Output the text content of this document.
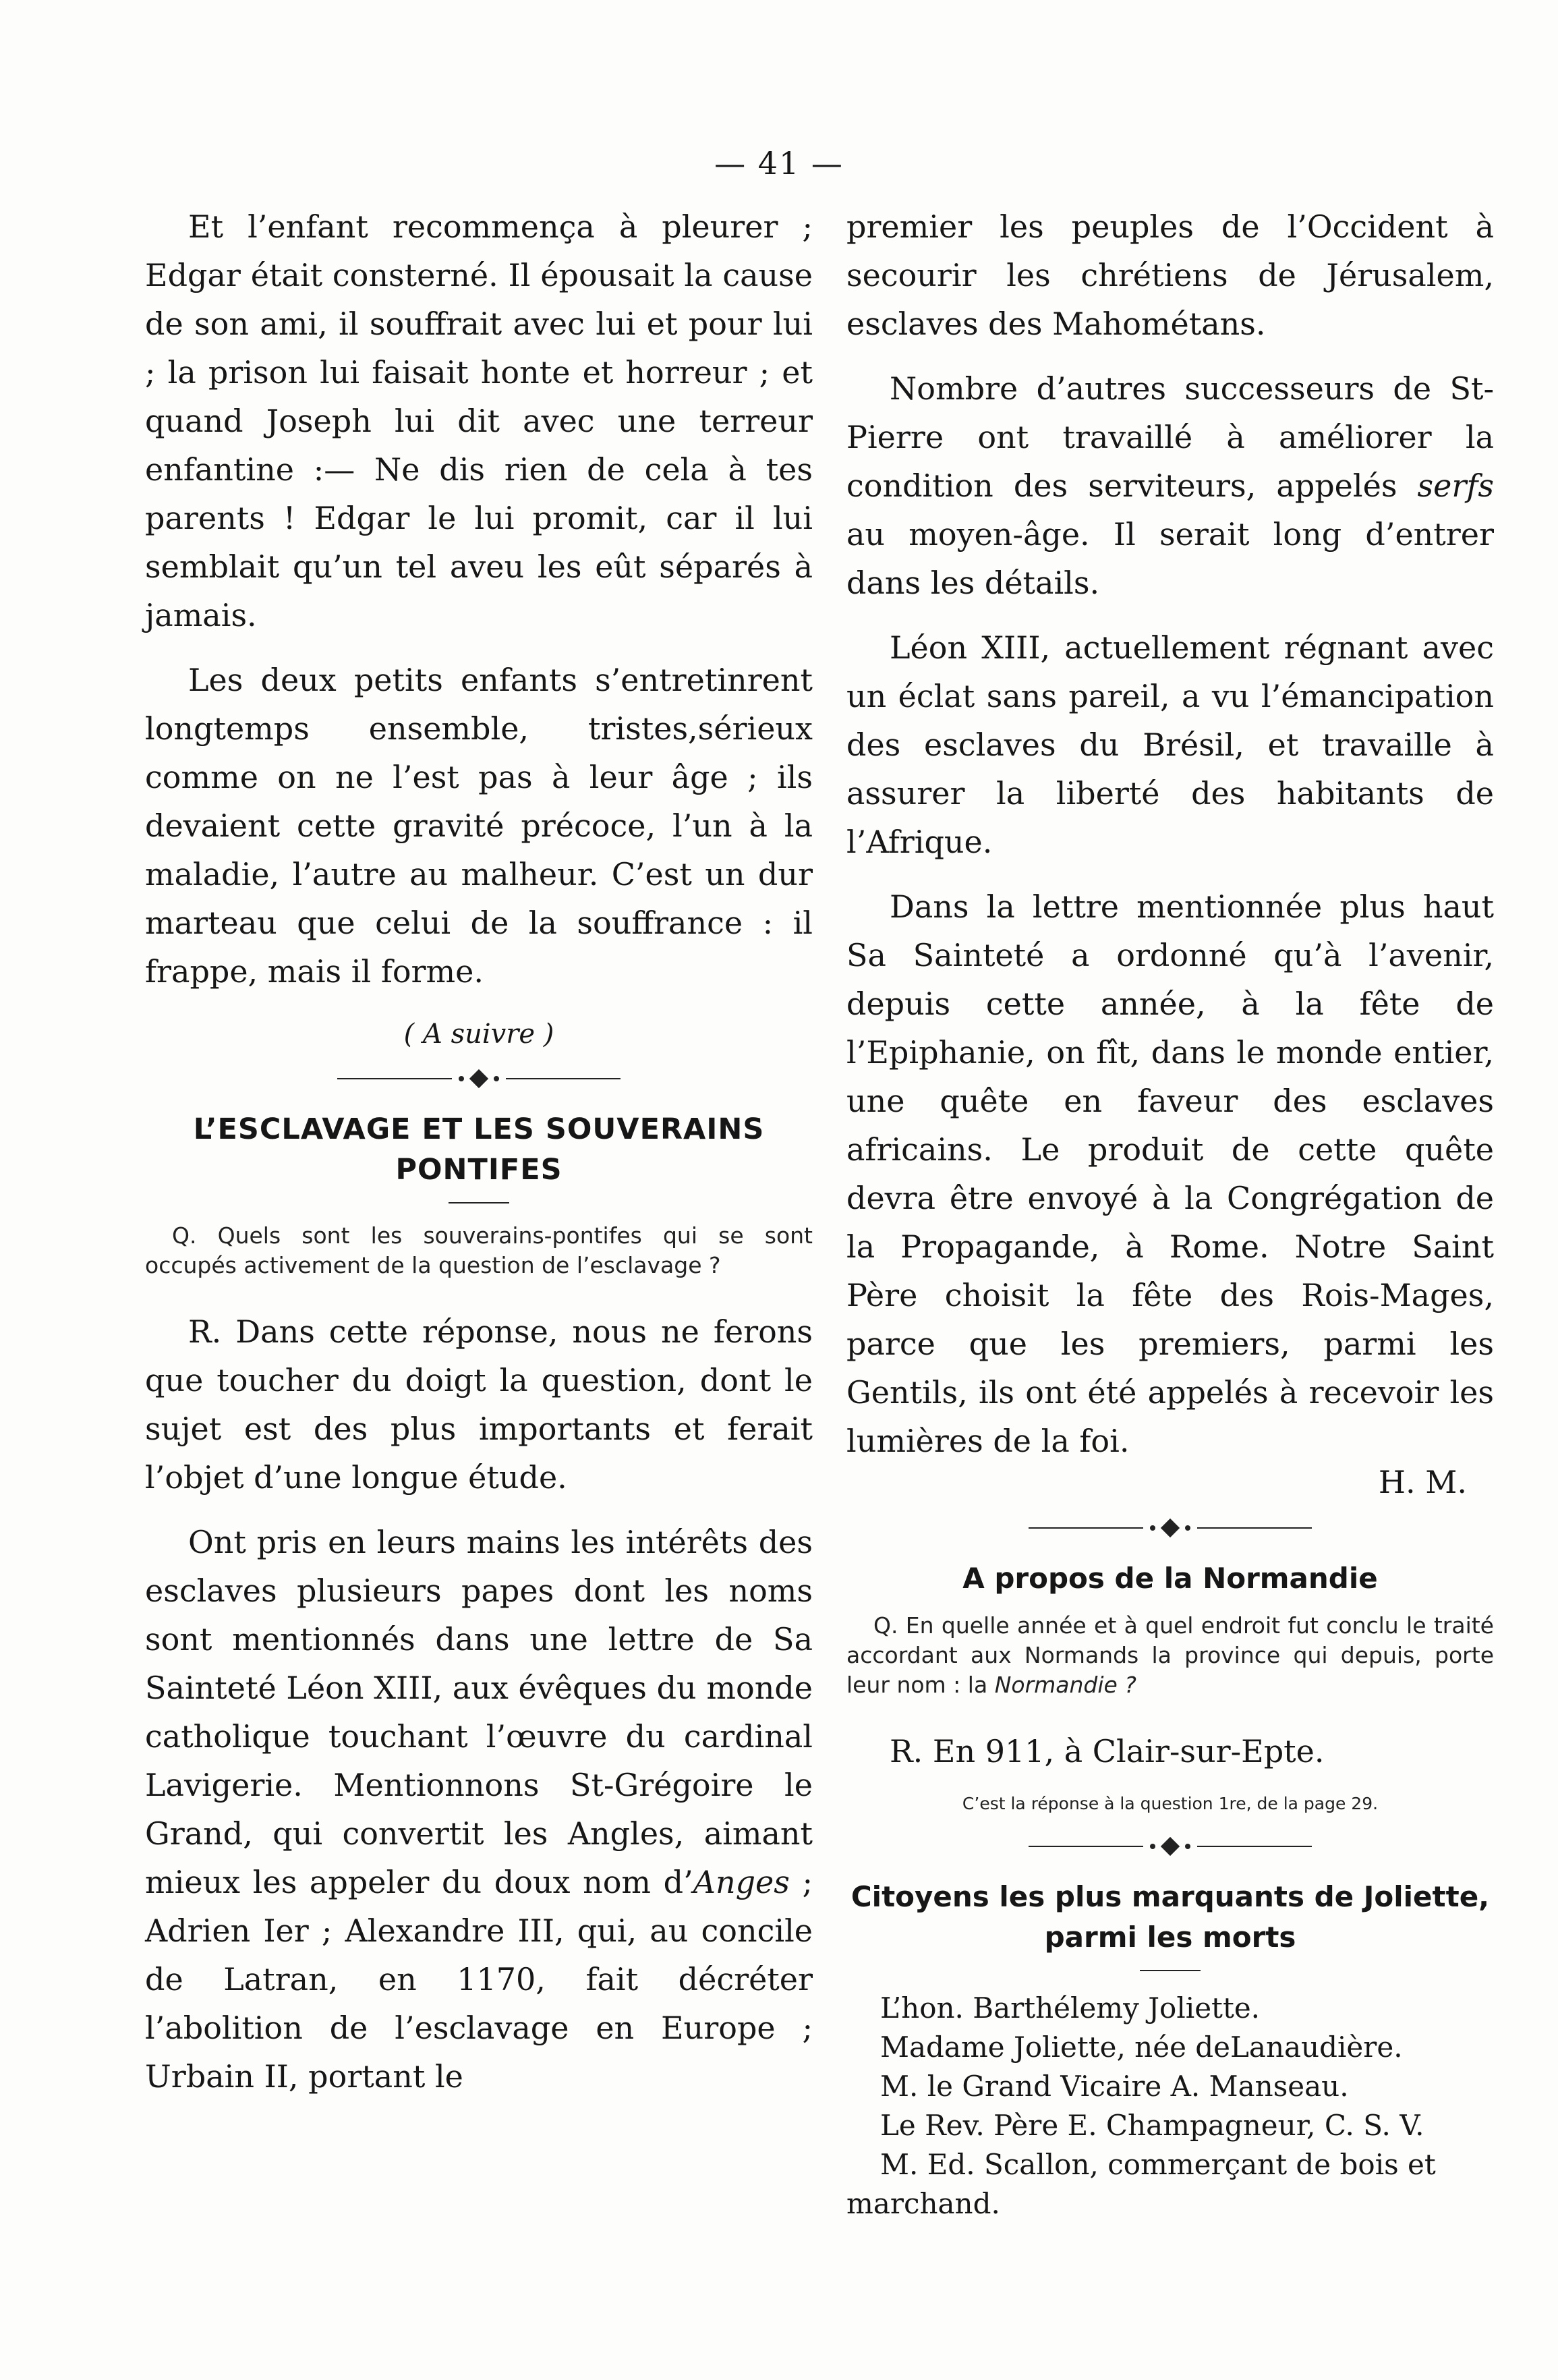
— 41 —

Et l’enfant recommença à pleurer ; Edgar était consterné. Il épousait la cause de son ami, il souffrait avec lui et pour lui ; la prison lui faisait honte et horreur ; et quand Joseph lui dit avec une terreur enfantine :— Ne dis rien de cela à tes parents ! Edgar le lui promit, car il lui semblait qu’un tel aveu les eût séparés à jamais.

Les deux petits enfants s’entretinrent longtemps ensemble, tristes,sérieux comme on ne l’est pas à leur âge ; ils devaient cette gravité précoce, l’un à la maladie, l’autre au malheur. C’est un dur marteau que celui de la souffrance : il frappe, mais il forme.

( A suivre )
L’ESCLAVAGE ET LES SOUVERAINS PONTIFES

Q. Quels sont les souverains-pontifes qui se sont occupés activement de la question de l’esclavage ?

R. Dans cette réponse, nous ne ferons que toucher du doigt la question, dont le sujet est des plus importants et ferait l’objet d’une longue étude.

Ont pris en leurs mains les intérêts des esclaves plusieurs papes dont les noms sont mentionnés dans une lettre de Sa Sainteté Léon XIII, aux évêques du monde catholique touchant l’œuvre du cardinal Lavigerie. Mentionnons St-Grégoire le Grand, qui convertit les Angles, aimant mieux les appeler du doux nom d’Anges ; Adrien Ier ; Alexandre III, qui, au concile de Latran, en 1170, fait décréter l’abolition de l’esclavage en Europe ; Urbain II, portant le

premier les peuples de l’Occident à secourir les chrétiens de Jérusalem, esclaves des Mahométans.

Nombre d’autres successeurs de St-Pierre ont travaillé à améliorer la condition des serviteurs, appelés serfs au moyen-âge. Il serait long d’entrer dans les détails.

Léon XIII, actuellement régnant avec un éclat sans pareil, a vu l’émancipation des esclaves du Brésil, et travaille à assurer la liberté des habitants de l’Afrique.

Dans la lettre mentionnée plus haut Sa Sainteté a ordonné qu’à l’avenir, depuis cette année, à la fête de l’Epiphanie, on fît, dans le monde entier, une quête en faveur des esclaves africains. Le produit de cette quête devra être envoyé à la Congrégation de la Propagande, à Rome. Notre Saint Père choisit la fête des Rois-Mages, parce que les premiers, parmi les Gentils, ils ont été appelés à recevoir les lumières de la foi.

H. M.
A propos de la Normandie

Q. En quelle année et à quel endroit fut conclu le traité accordant aux Normands la province qui depuis, porte leur nom : la Normandie ?

R. En 911, à Clair-sur-Epte.

C’est la réponse à la question 1re, de la page 29.

Citoyens les plus marquants de Joliette, parmi les morts

L’hon. Barthélemy Joliette.

Madame Joliette, née deLanaudière.

M. le Grand Vicaire A. Manseau.

Le Rev. Père E. Champagneur, C. S. V.

M. Ed. Scallon, commerçant de bois et marchand.
